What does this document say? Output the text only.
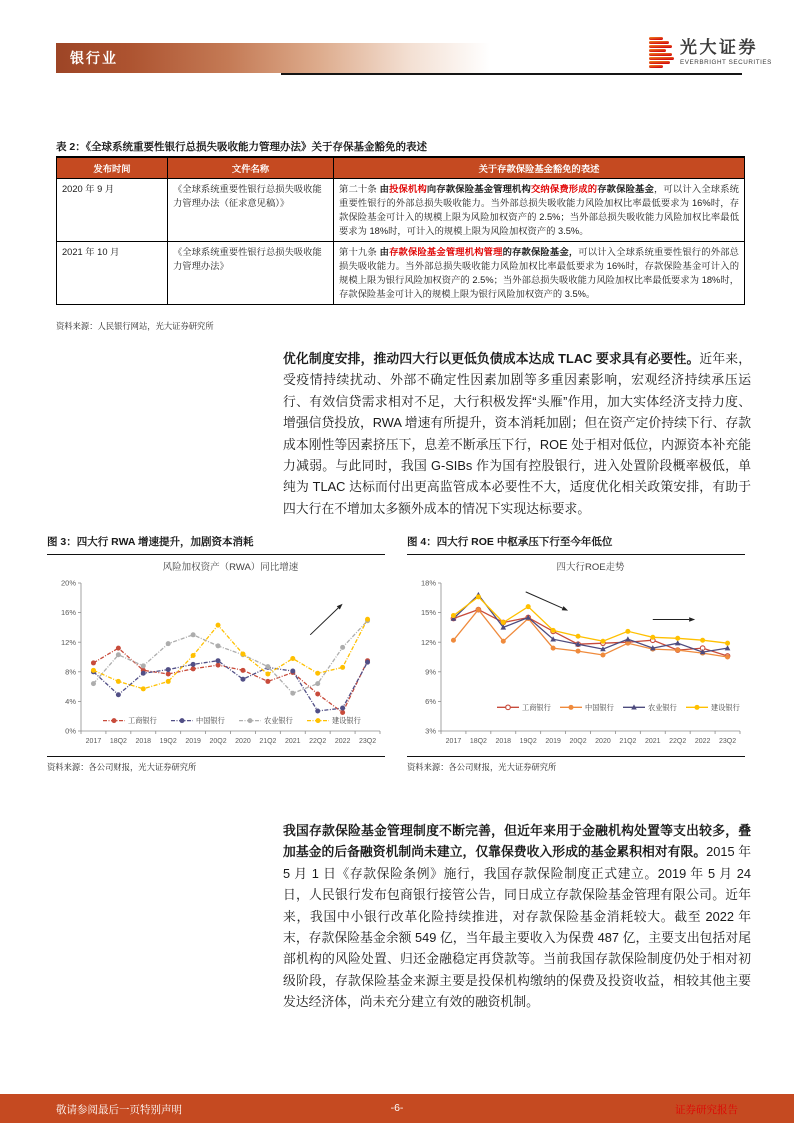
银行业
光大证券
EVERBRIGHT SECURITIES
表 2：《全球系统重要性银行总损失吸收能力管理办法》关于存保基金豁免的表述
发布时间	文件名称	关于存款保险基金豁免的表述
2020 年 9 月	《全球系统重要性银行总损失吸收能力管理办法（征求意见稿）》	第二十条 由投保机构向存款保险基金管理机构交纳保费形成的存款保险基金，可以计入全球系统重要性银行的外部总损失吸收能力。当外部总损失吸收能力风险加权比率最低要求为 16%时，存款保险基金可计入的规模上限为风险加权资产的 2.5%；当外部总损失吸收能力风险加权比率最低要求为 18%时，可计入的规模上限为风险加权资产的 3.5%。
2021 年 10 月	《全球系统重要性银行总损失吸收能力管理办法》	第十九条 由存款保险基金管理机构管理的存款保险基金，可以计入全球系统重要性银行的外部总损失吸收能力。当外部总损失吸收能力风险加权比率最低要求为 16%时，存款保险基金可计入的规模上限为银行风险加权资产的 2.5%；当外部总损失吸收能力风险加权比率最低要求为 18%时，存款保险基金可计入的规模上限为银行风险加权资产的 3.5%。
资料来源：人民银行网站，光大证券研究所
优化制度安排，推动四大行以更低负债成本达成 TLAC 要求具有必要性。近年来，受疫情持续扰动、外部不确定性因素加剧等多重因素影响，宏观经济持续承压运行、有效信贷需求相对不足，大行积极发挥“头雁”作用，加大实体经济支持力度、增强信贷投放，RWA 增速有所提升，资本消耗加剧；但在资产定价持续下行、存款成本刚性等因素挤压下，息差不断承压下行，ROE 处于相对低位，内源资本补充能力减弱。与此同时，我国 G-SIBs 作为国有控股银行，进入处置阶段概率极低，单纯为 TLAC 达标而付出更高监管成本必要性不大，适度优化相关政策安排，有助于四大行在不增加太多额外成本的情况下实现达标要求。
图 3：四大行 RWA 增速提升，加剧资本消耗
风险加权资产（RWA）同比增速
0%
4%
8%
12%
16%
20%
2017 18Q2 2018 19Q2 2019 20Q2 2020 21Q2 2021 22Q2 2022 23Q2
工商银行	中国银行	农业银行	建设银行
资料来源：各公司财报，光大证券研究所
图 4：四大行 ROE 中枢承压下行至今年低位
四大行ROE走势
3%
6%
9%
12%
15%
18%
2017 18Q2 2018 19Q2 2019 20Q2 2020 21Q2 2021 22Q2 2022 23Q2
工商银行	中国银行	农业银行	建设银行
资料来源：各公司财报，光大证券研究所
我国存款保险基金管理制度不断完善，但近年来用于金融机构处置等支出较多，叠加基金的后备融资机制尚未建立，仅靠保费收入形成的基金累积相对有限。2015 年 5 月 1 日《存款保险条例》施行，我国存款保险制度正式建立。2019 年 5 月 24 日，人民银行发布包商银行接管公告，同日成立存款保险基金管理有限公司。近年来，我国中小银行改革化险持续推进，对存款保险基金消耗较大。截至 2022 年末，存款保险基金余额 549 亿，当年最主要收入为保费 487 亿，主要支出包括对尾部机构的风险处置、归还金融稳定再贷款等。当前我国存款保险制度仍处于相对初级阶段，存款保险基金来源主要是投保机构缴纳的保费及投资收益，相较其他主要发达经济体，尚未充分建立有效的融资机制。
敬请参阅最后一页特别声明	-6-	证券研究报告
